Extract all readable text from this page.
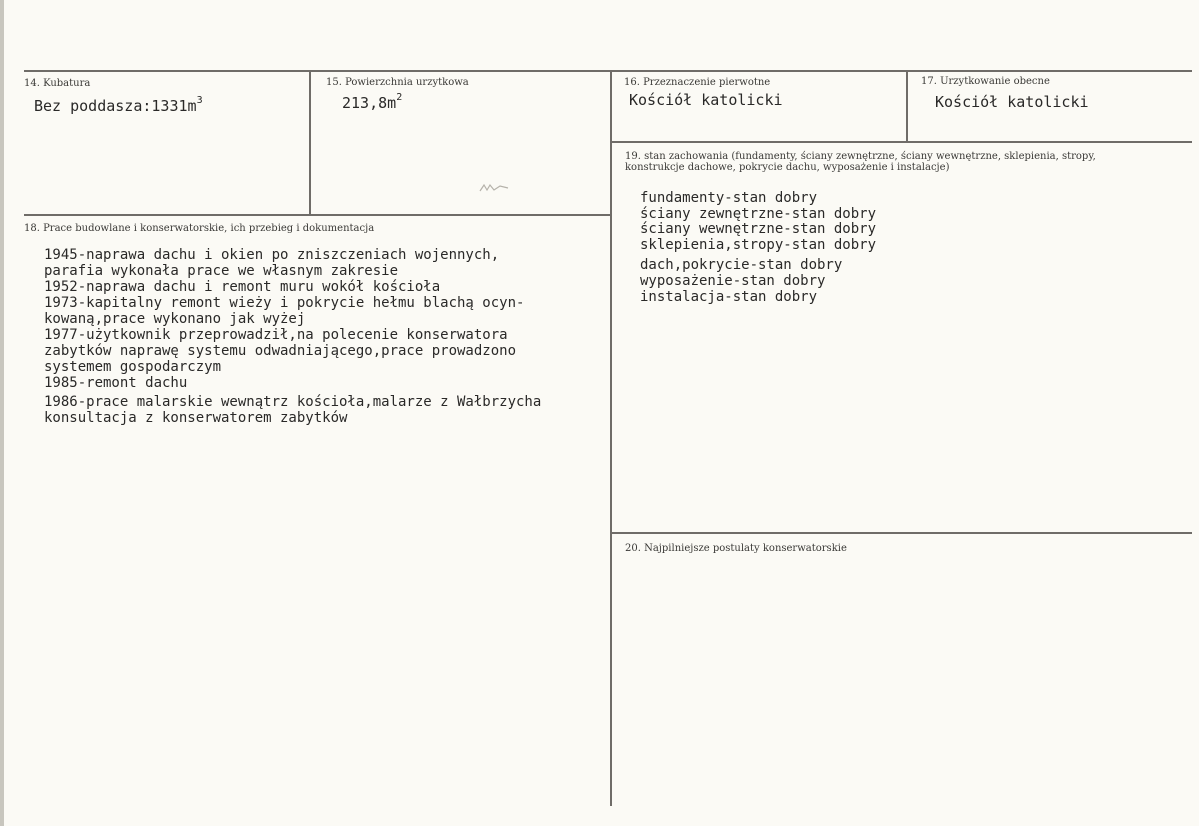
14. Kubatura
Bez $poddasza:1331m^3$
15. Powierzchnia urzytkowa
$213,8m^2$
16. Przeznaczenie pierwotne
Kościół katolicki
17. Urzytkowanie obecne
Kościół katolicki
18. Prace budowlane i konserwatorskie, ich przebieg i dokumentacja
1945-naprawa dachu i okien po zniszczeniach wojennych,
parafia wykonała prace we własnym zakresie
1952-naprawa dachu i remont muru wokół kościoła
1973-kapitalny remont wieży i pokrycie hełmu blachą ocyn-
kowaną,prace wykonano jak wyżej
1977-użytkownik przeprowadził,na polecenie konserwatora
zabytków naprawę systemu odwadniającego,prace prowadzono
systemem gospodarczym
1985-remont dachu
1986-prace malarskie wewnątrz kościoła,malarze z Wałbrzycha
konsultacja z konserwatorem zabytków
19. stan zachowania (fundamenty, ściany zewnętrzne, ściany wewnętrzne, sklepienia, stropy, konstrukcje dachowe, pokrycie dachu, wyposażenie i instalacje)
fundamenty-stan dobry
ściany zewnętrzne-stan dobry
ściany wewnętrzne-stan dobry
sklepienia,stropy-stan dobry
dach,pokrycie-stan dobry
wyposażenie-stan dobry
instalacja-stan dobry
20. Najpilniejsze postulaty konserwatorskie
